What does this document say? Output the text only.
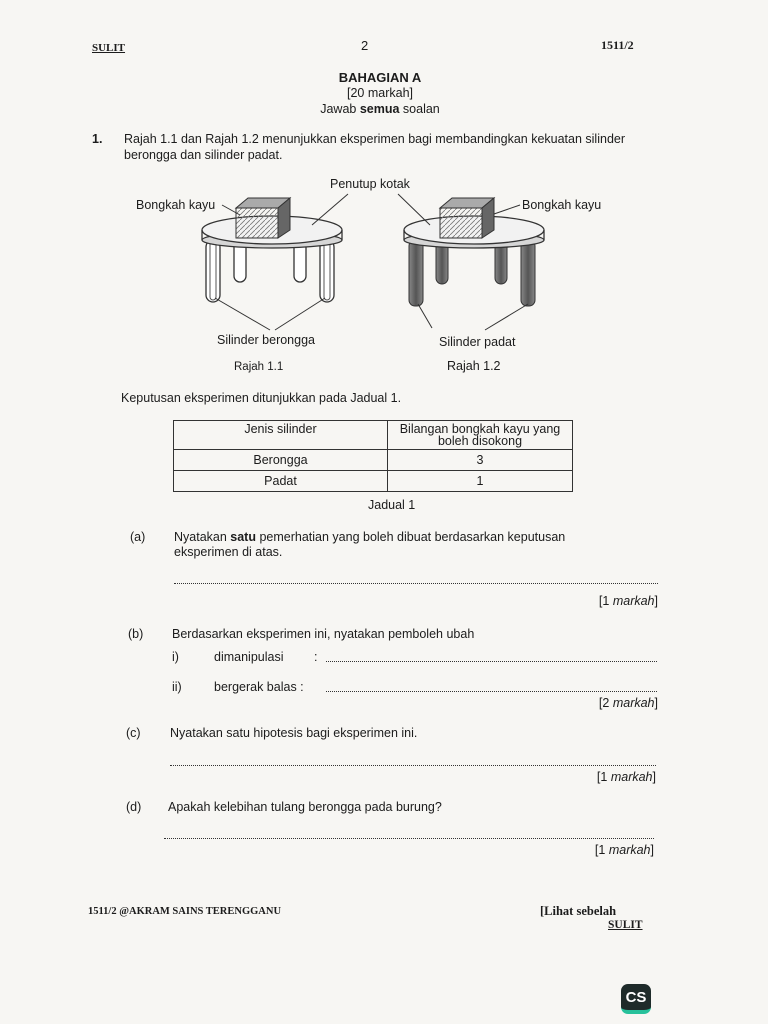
SULIT	2	1511/2
BAHAGIAN A
[20 markah]
Jawab semua soalan
1. Rajah 1.1 dan Rajah 1.2 menunjukkan eksperimen bagi membandingkan kekuatan silinder
berongga dan silinder padat.
Bongkah kayu
Penutup kotak
Bongkah kayu
Silinder berongga	Silinder padat
Rajah 1.1	Rajah 1.2
Keputusan eksperimen ditunjukkan pada Jadual 1.
Jenis silinder	Bilangan bongkah kayu yang
boleh disokong

Berongga	3
Padat	1
Jadual 1
(a) Nyatakan satu pemerhatian yang boleh dibuat berdasarkan keputusan
eksperimen di atas.
[1 markah]
(b) Berdasarkan eksperimen ini, nyatakan pemboleh ubah
i)	dimanipulasi :
ii)	bergerak balas :
[2 markah]
(c) Nyatakan satu hipotesis bagi eksperimen ini.
[1 markah]
(d) Apakah kelebihan tulang berongga pada burung?
[1 markah]
1511/2 @AKRAM SAINS TERENGGANU	[Lihat sebelah
SULIT
CS
